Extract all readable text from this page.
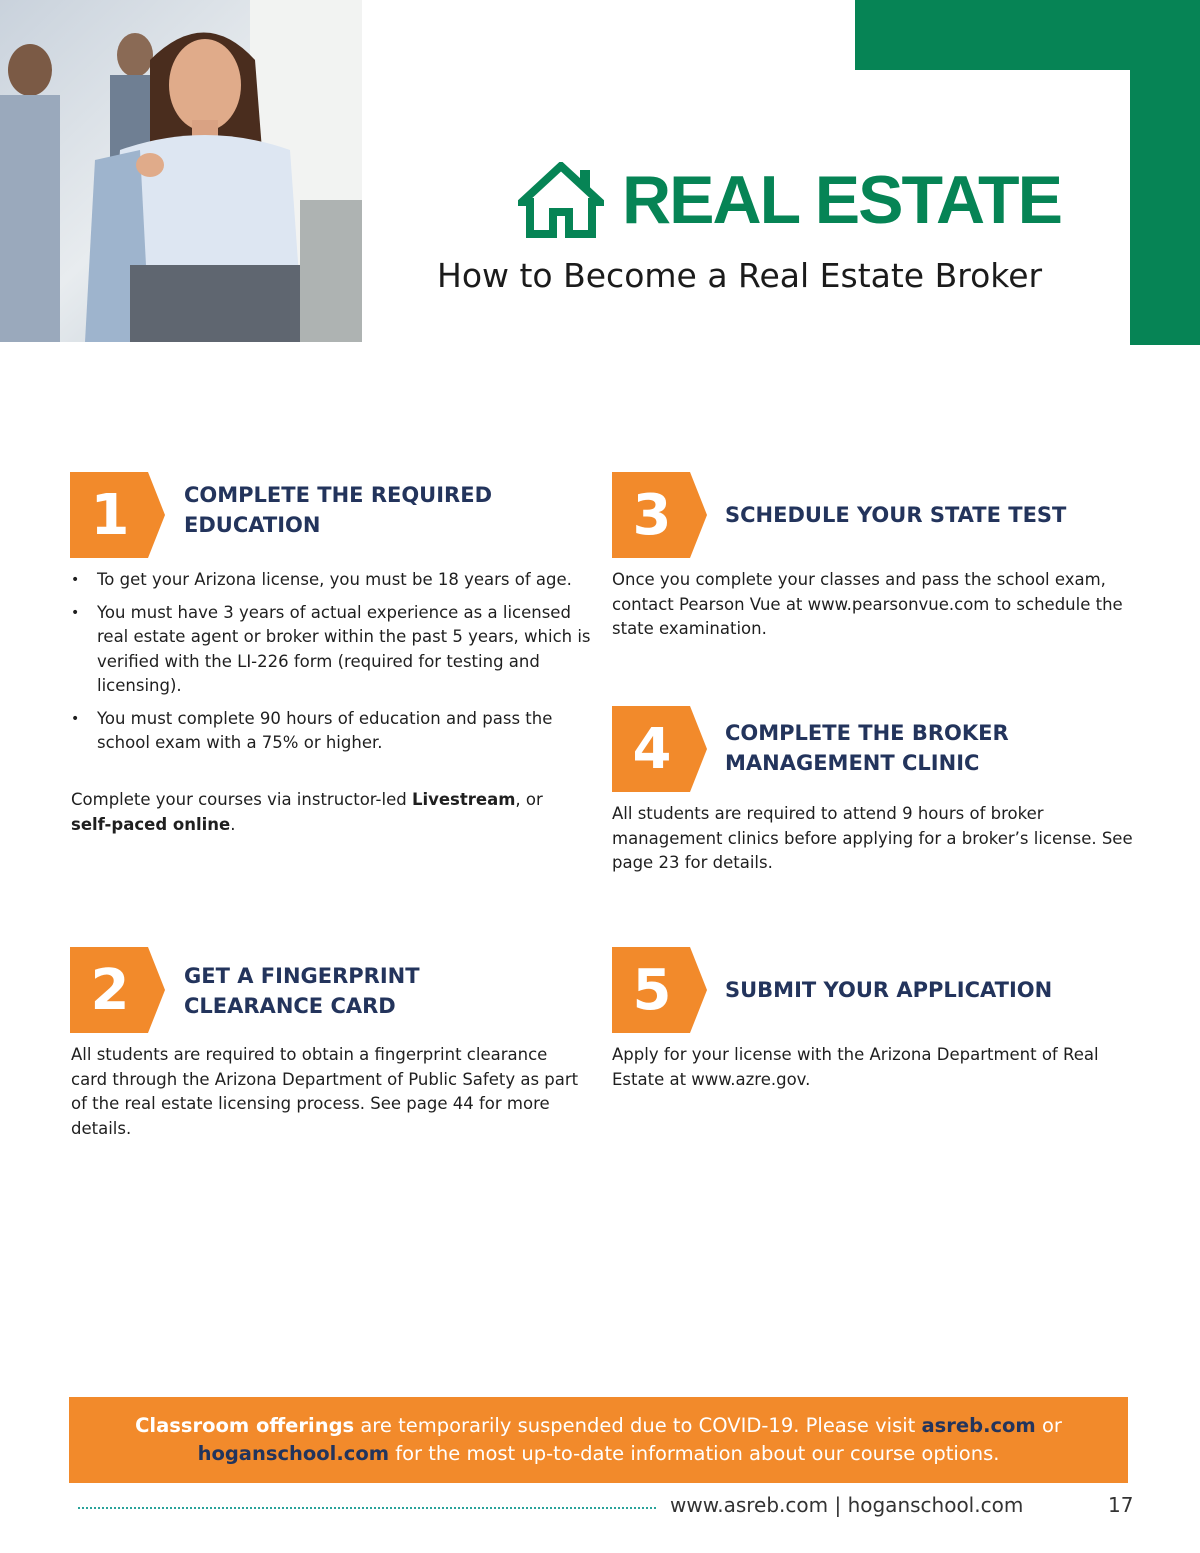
REAL ESTATE
How to Become a Real Estate Broker
1	COMPLETE THE REQUIRED
EDUCATION
• To get your Arizona license, you must be 18 years of age.
• You must have 3 years of actual experience as a licensed real estate agent or broker within the past 5 years, which is verified with the LI-226 form (required for testing and licensing).
• You must complete 90 hours of education and pass the school exam with a 75% or higher.
Complete your courses via instructor-led Livestream, or
self-paced online.
2	GET A FINGERPRINT
CLEARANCE CARD
All students are required to obtain a fingerprint clearance card through the Arizona Department of Public Safety as part of the real estate licensing process. See page 44 for more details.
3	SCHEDULE YOUR STATE TEST
Once you complete your classes and pass the school exam, contact Pearson Vue at www.pearsonvue.com to schedule the state examination.
4	COMPLETE THE BROKER
MANAGEMENT CLINIC
All students are required to attend 9 hours of broker management clinics before applying for a broker’s license. See page 23 for details.
5	SUBMIT YOUR APPLICATION
Apply for your license with the Arizona Department of Real Estate at www.azre.gov.
Classroom offerings are temporarily suspended due to COVID-19. Please visit asreb.com or
hoganschool.com for the most up-to-date information about our course options.
www.asreb.com | hoganschool.com	17
